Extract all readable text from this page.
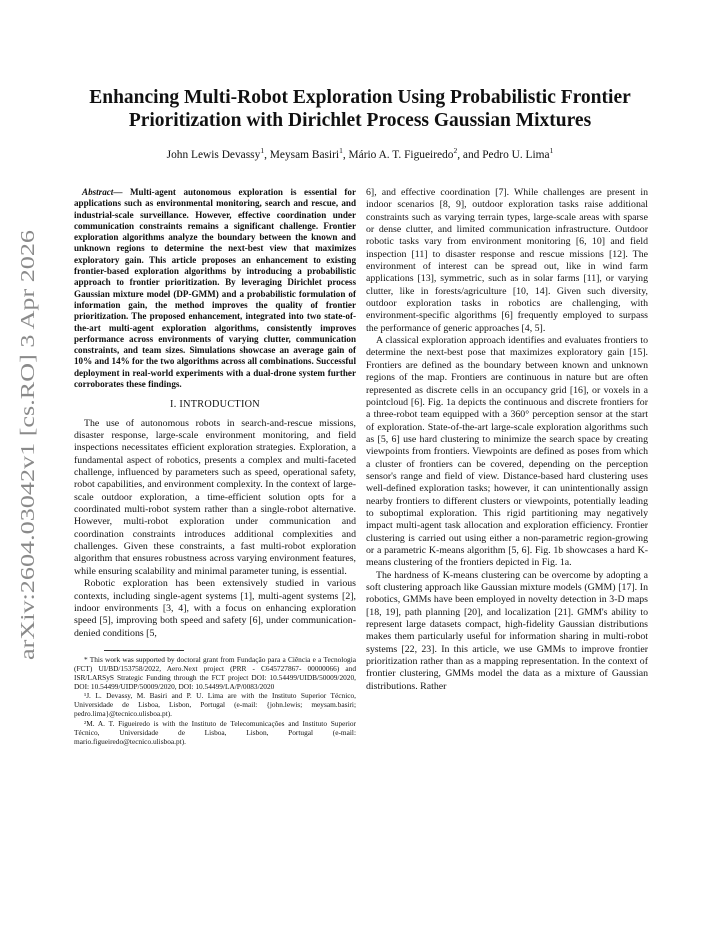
arXiv:2604.03042v1 [cs.RO] 3 Apr 2026
Enhancing Multi-Robot Exploration Using Probabilistic Frontier
Prioritization with Dirichlet Process Gaussian Mixtures
John Lewis Devassy$^1$, Meysam Basiri$^1$, Mário A. T. Figueiredo$^2$, and Pedro U. Lima$^1$

Abstract— Multi-agent autonomous exploration is essential for applications such as environmental monitoring, search and rescue, and industrial-scale surveillance. However, effective coordination under communication constraints remains a significant challenge. Frontier exploration algorithms analyze the boundary between the known and unknown regions to determine the next-best view that maximizes exploratory gain. This article proposes an enhancement to existing frontier-based exploration algorithms by introducing a probabilistic approach to frontier prioritization. By leveraging Dirichlet process Gaussian mixture model (DP-GMM) and a probabilistic formulation of information gain, the method improves the quality of frontier prioritization. The proposed enhancement, integrated into two state-of-the-art multi-agent exploration algorithms, consistently improves performance across environments of varying clutter, communication constraints, and team sizes. Simulations showcase an average gain of 10% and 14% for the two algorithms across all combinations. Successful deployment in real-world experiments with a dual-drone system further corroborates these findings.

I. INTRODUCTION

The use of autonomous robots in search-and-rescue missions, disaster response, large-scale environment monitoring, and field inspections necessitates efficient exploration strategies. Exploration, a fundamental aspect of robotics, presents a complex and multi-faceted challenge, influenced by parameters such as speed, operational safety, robot capabilities, and environment complexity. In the context of large-scale outdoor exploration, a time-efficient solution opts for a coordinated multi-robot system rather than a single-robot alternative. However, multi-robot exploration under communication and coordination constraints introduces additional complexities and challenges. Given these constraints, a fast multi-robot exploration algorithm that ensures robustness across varying environment features, while ensuring scalability and minimal parameter tuning, is essential.

Robotic exploration has been extensively studied in various contexts, including single-agent systems [1], multi-agent systems [2], indoor environments [3, 4], with a focus on enhancing exploration speed [5], improving both speed and safety [6], under communication-denied conditions [5,

* This work was supported by doctoral grant from Fundação para a Ciência e a Tecnologia (FCT) UI/BD/153758/2022, Aero.Next project (PRR - C645727867- 00000066) and ISR/LARSyS Strategic Funding through the FCT project DOI: 10.54499/UIDB/50009/2020, DOI: 10.54499/UIDP/50009/2020, DOI: 10.54499/LA/P/0083/2020

¹J. L. Devassy, M. Basiri and P. U. Lima are with the Instituto Superior Técnico, Universidade de Lisboa, Lisbon, Portugal (e-mail: {john.lewis; meysam.basiri; pedro.lima}@tecnico.ulisboa.pt).

²M. A. T. Figueiredo is with the Instituto de Telecomunicações and Instituto Superior Técnico, Universidade de Lisboa, Lisbon, Portugal (e-mail: mario.figueiredo@tecnico.ulisboa.pt).

6], and effective coordination [7]. While challenges are present in indoor scenarios [8, 9], outdoor exploration tasks raise additional constraints such as varying terrain types, large-scale areas with sparse or dense clutter, and limited communication infrastructure. Outdoor robotic tasks vary from environment monitoring [6, 10] and field inspection [11] to disaster response and rescue missions [12]. The environment of interest can be spread out, like in wind farm applications [13], symmetric, such as in solar farms [11], or varying clutter, like in forests/agriculture [10, 14]. Given such diversity, outdoor exploration tasks in robotics are challenging, with environment-specific algorithms [6] frequently employed to surpass the performance of generic approaches [4, 5].

A classical exploration approach identifies and evaluates frontiers to determine the next-best pose that maximizes exploratory gain [15]. Frontiers are defined as the boundary between known and unknown regions of the map. Frontiers are continuous in nature but are often represented as discrete cells in an occupancy grid [16], or voxels in a pointcloud [6]. Fig. 1a depicts the continuous and discrete frontiers for a three-robot team equipped with a 360° perception sensor at the start of exploration. State-of-the-art large-scale exploration algorithms such as [5, 6] use hard clustering to minimize the search space by creating viewpoints from frontiers. Viewpoints are defined as poses from which a cluster of frontiers can be covered, depending on the perception sensor's range and field of view. Distance-based hard clustering uses well-defined exploration tasks; however, it can unintentionally assign nearby frontiers to different clusters or viewpoints, potentially leading to suboptimal exploration. This rigid partitioning may negatively impact multi-agent task allocation and exploration efficiency. Frontier clustering is carried out using either a non-parametric region-growing or a parametric K-means algorithm [5, 6]. Fig. 1b showcases a hard K-means clustering of the frontiers depicted in Fig. 1a.

The hardness of K-means clustering can be overcome by adopting a soft clustering approach like Gaussian mixture models (GMM) [17]. In robotics, GMMs have been employed in novelty detection in 3-D maps [18, 19], path planning [20], and localization [21]. GMM's ability to represent large datasets compact, high-fidelity Gaussian distributions makes them particularly useful for information sharing in multi-robot systems [22, 23]. In this article, we use GMMs to improve frontier prioritization rather than as a mapping representation. In the context of frontier clustering, GMMs model the data as a mixture of Gaussian distributions. Rather
